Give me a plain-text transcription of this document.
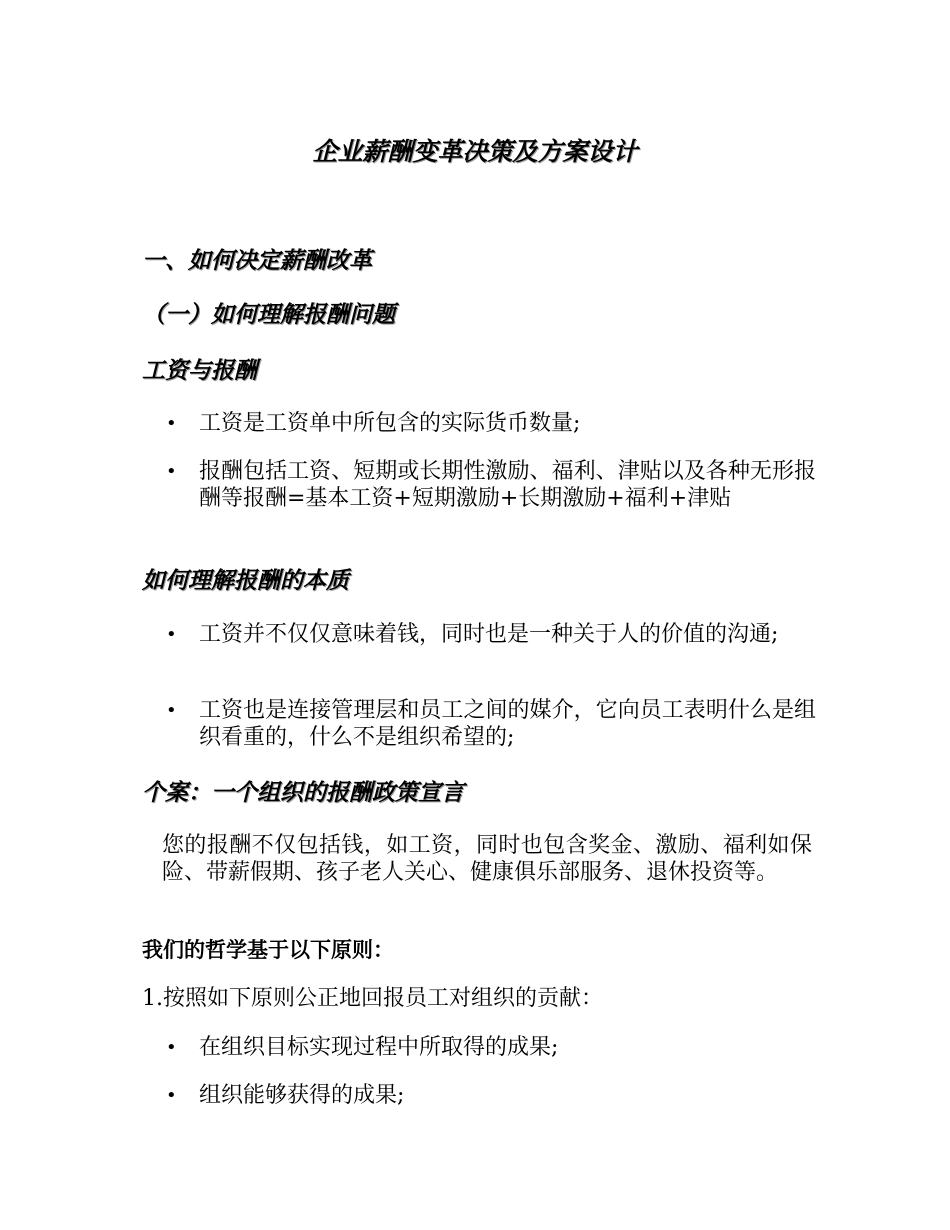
企业薪酬变革决策及方案设计
一、如何决定薪酬改革
（一）如何理解报酬问题
工资与报酬
•	工资是工资单中所包含的实际货币数量;
•	报酬包括工资、短期或长期性激励、福利、津贴以及各种无形报酬等报酬=基本工资+短期激励+长期激励+福利+津贴
如何理解报酬的本质
•	工资并不仅仅意味着钱，同时也是一种关于人的价值的沟通;
•	工资也是连接管理层和员工之间的媒介，它向员工表明什么是组织看重的，什么不是组织希望的;
个案：一个组织的报酬政策宣言
您的报酬不仅包括钱，如工资，同时也包含奖金、激励、福利如保险、带薪假期、孩子老人关心、健康俱乐部服务、退休投资等。
我们的哲学基于以下原则：
1.按照如下原则公正地回报员工对组织的贡献：
•	在组织目标实现过程中所取得的成果;
•	组织能够获得的成果;
